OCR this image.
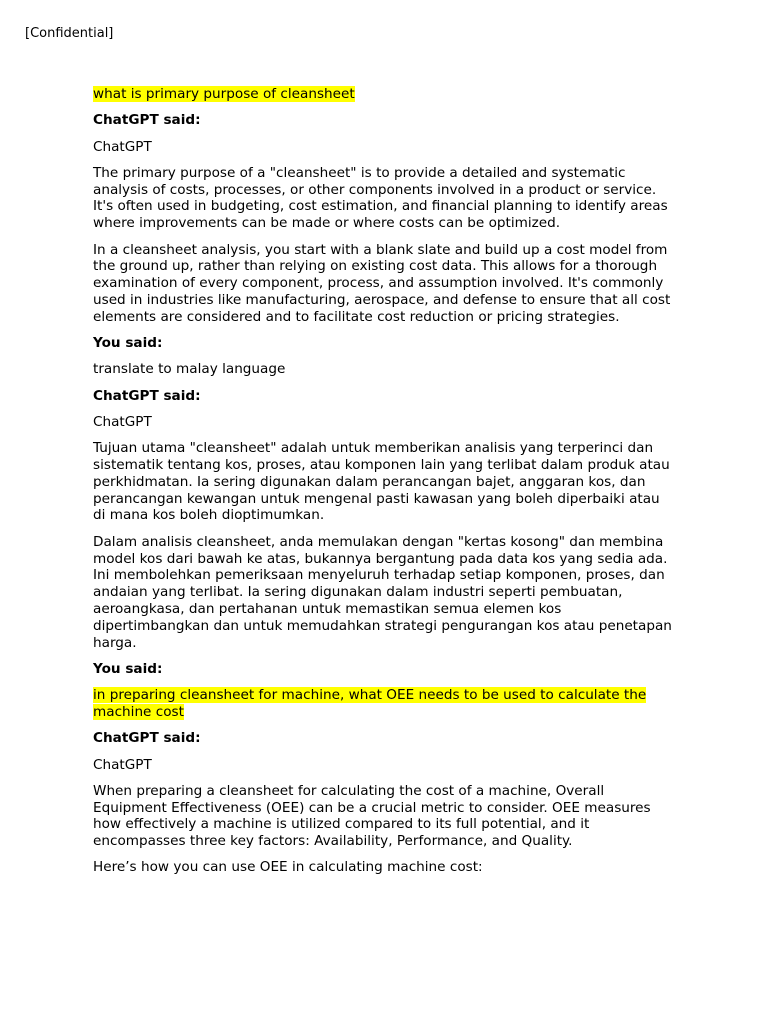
[Confidential]

what is primary purpose of cleansheet

ChatGPT said:

ChatGPT

The primary purpose of a "cleansheet" is to provide a detailed and systematic analysis of costs, processes, or other components involved in a product or service. It's often used in budgeting, cost estimation, and financial planning to identify areas where improvements can be made or where costs can be optimized.

In a cleansheet analysis, you start with a blank slate and build up a cost model from the ground up, rather than relying on existing cost data. This allows for a thorough examination of every component, process, and assumption involved. It's commonly used in industries like manufacturing, aerospace, and defense to ensure that all cost elements are considered and to facilitate cost reduction or pricing strategies.

You said:

translate to malay language

ChatGPT said:

ChatGPT

Tujuan utama "cleansheet" adalah untuk memberikan analisis yang terperinci dan sistematik tentang kos, proses, atau komponen lain yang terlibat dalam produk atau perkhidmatan. Ia sering digunakan dalam perancangan bajet, anggaran kos, dan perancangan kewangan untuk mengenal pasti kawasan yang boleh diperbaiki atau di mana kos boleh dioptimumkan.

Dalam analisis cleansheet, anda memulakan dengan "kertas kosong" dan membina model kos dari bawah ke atas, bukannya bergantung pada data kos yang sedia ada. Ini membolehkan pemeriksaan menyeluruh terhadap setiap komponen, proses, dan andaian yang terlibat. Ia sering digunakan dalam industri seperti pembuatan, aeroangkasa, dan pertahanan untuk memastikan semua elemen kos dipertimbangkan dan untuk memudahkan strategi pengurangan kos atau penetapan harga.

You said:

in preparing cleansheet for machine, what OEE needs to be used to calculate the machine cost

ChatGPT said:

ChatGPT

When preparing a cleansheet for calculating the cost of a machine, Overall Equipment Effectiveness (OEE) can be a crucial metric to consider. OEE measures how effectively a machine is utilized compared to its full potential, and it encompasses three key factors: Availability, Performance, and Quality.

Here’s how you can use OEE in calculating machine cost:
